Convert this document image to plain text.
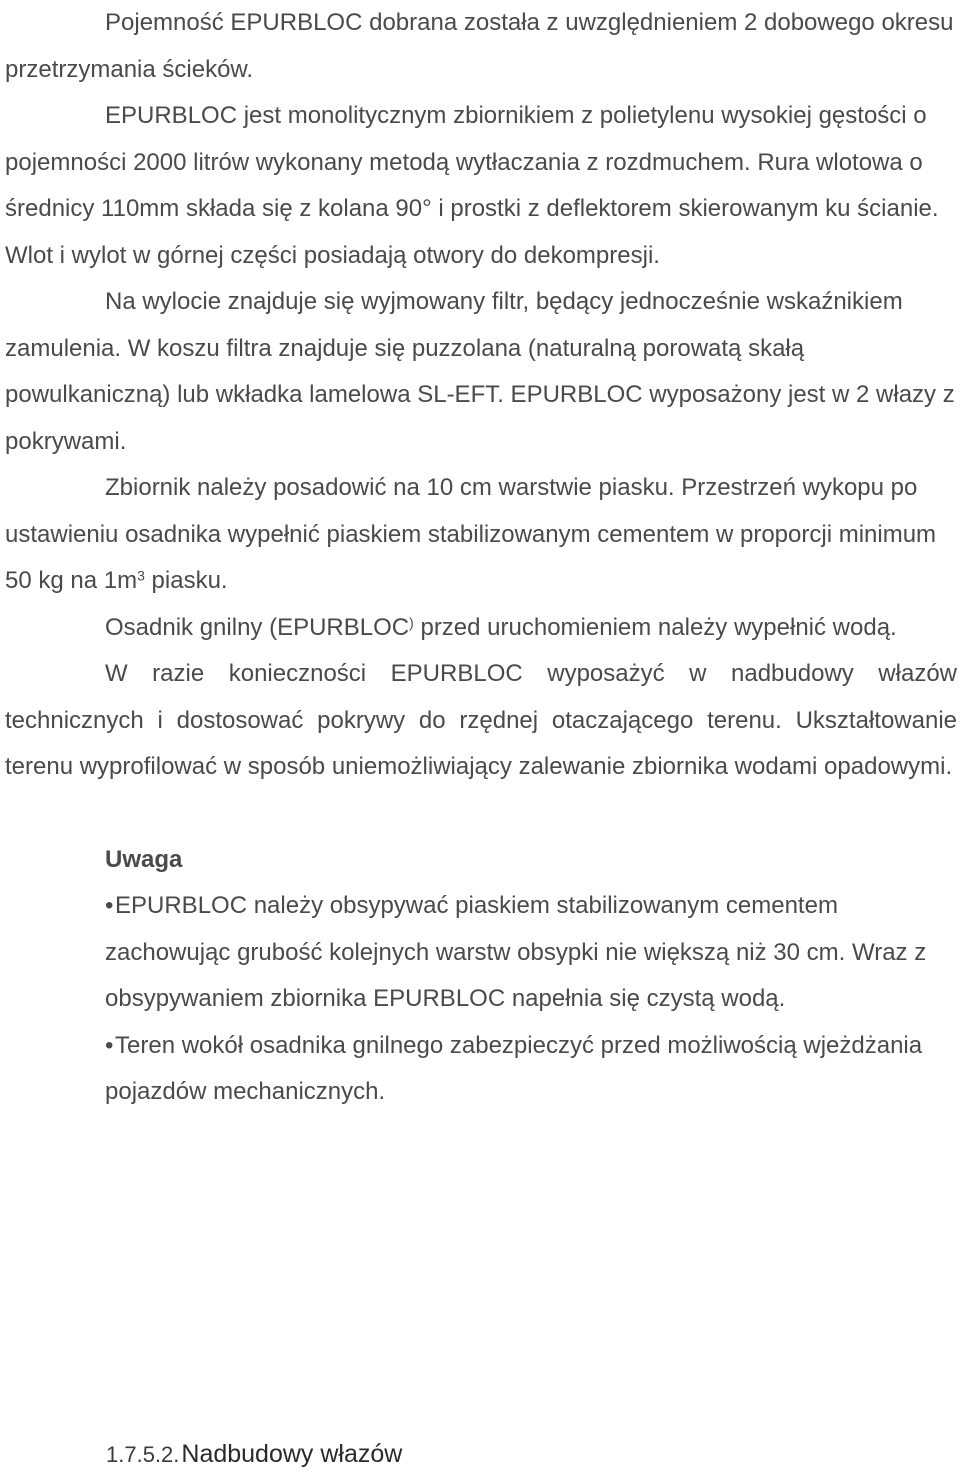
Pojemność EPURBLOC dobrana została z uwzględnieniem 2 dobowego okresu przetrzymania ścieków.

EPURBLOC jest monolitycznym zbiornikiem z polietylenu wysokiej gęstości o pojemności 2000 litrów wykonany metodą wytłaczania z rozdmuchem. Rura wlotowa o średnicy 110mm składa się z kolana 90° i prostki z deflektorem skierowanym ku ścianie. Wlot i wylot w górnej części posiadają otwory do dekompresji.

Na wylocie znajduje się wyjmowany filtr, będący jednocześnie wskaźnikiem zamulenia. W koszu filtra znajduje się puzzolana (naturalną porowatą skałą powulkaniczną) lub wkładka lamelowa SL-EFT. EPURBLOC wyposażony jest w 2 włazy z pokrywami.

Zbiornik należy posadowić na 10 cm warstwie piasku. Przestrzeń wykopu po ustawieniu osadnika wypełnić piaskiem stabilizowanym cementem w proporcji minimum 50 kg na $1m^3$ piasku.

Osadnik gnilny (EPURBLOC) przed uruchomieniem należy wypełnić wodą.

W razie konieczności EPURBLOC wyposażyć w nadbudowy włazów technicznych i dostosować pokrywy do rzędnej otaczającego terenu. Ukształtowanie terenu wyprofilować w sposób uniemożliwiający zalewanie zbiornika wodami opadowymi.

Uwaga

•EPURBLOC należy obsypywać piaskiem stabilizowanym cementem zachowując grubość kolejnych warstw obsypki nie większą niż 30 cm. Wraz z obsypywaniem zbiornika EPURBLOC napełnia się czystą wodą.

•Teren wokół osadnika gnilnego zabezpieczyć przed możliwością wjeżdżania pojazdów mechanicznych.

1.7.5.2.Nadbudowy włazów
